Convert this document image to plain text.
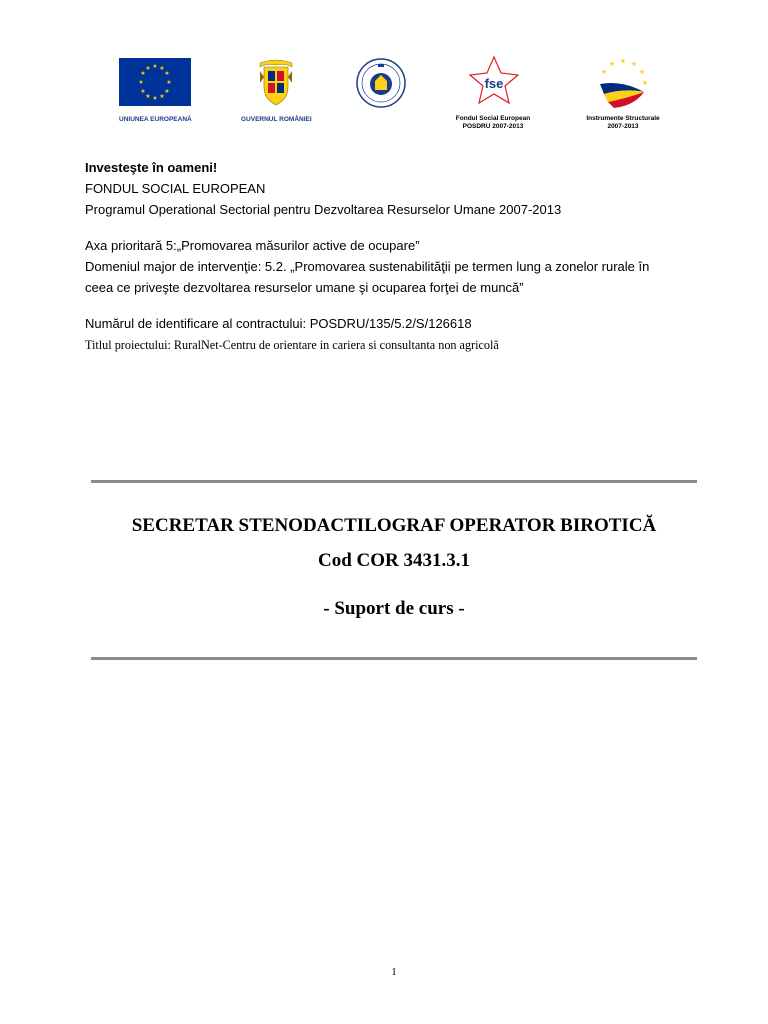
★ ★
★
★
★
★
★
★
★
★
★
★
UNIUNEA EUROPEANĂ	GUVERNUL ROMÂNIEI
fse
Fondul Social European
POSDRU 2007-2013
★ ★
★
★
★
★
Instrumente Structurale
2007-2013
Investeşte în oameni!
FONDUL SOCIAL EUROPEAN
Programul Operational Sectorial pentru Dezvoltarea Resurselor Umane 2007-2013
Axa prioritară 5:„Promovarea măsurilor active de ocupare”
Domeniul major de intervenţie: 5.2. „Promovarea sustenabilităţii pe termen lung a zonelor rurale în
ceea ce priveşte dezvoltarea resurselor umane şi ocuparea forţei de muncă”
Numărul de identificare al contractului: POSDRU/135/5.2/S/126618
Titlul proiectului: RuralNet-Centru de orientare in cariera si consultanta non agricolă
SECRETAR STENODACTILOGRAF OPERATOR BIROTICĂ
Cod COR 3431.3.1
- Suport de curs -
1
